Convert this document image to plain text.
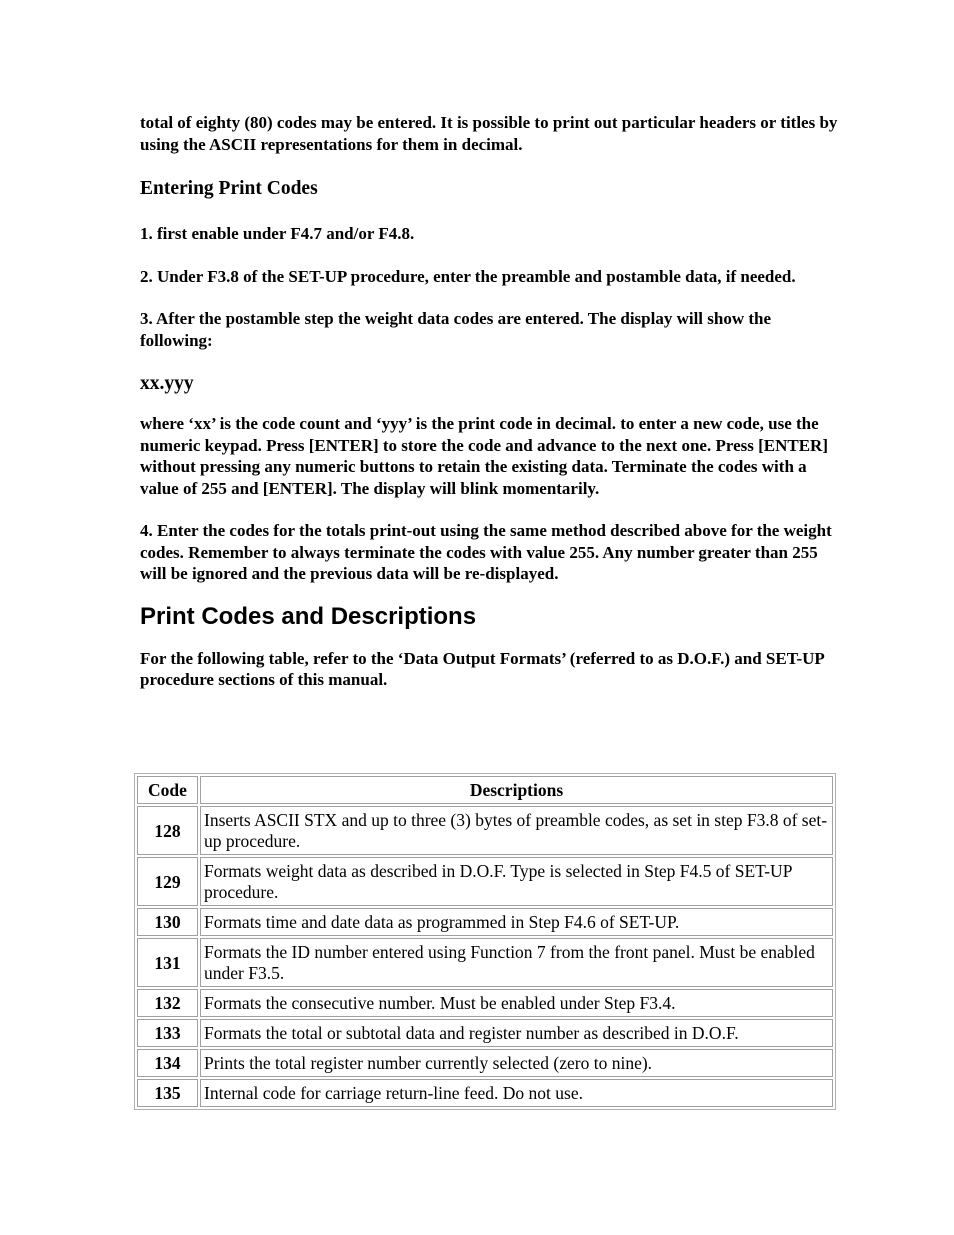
total of eighty (80) codes may be entered. It is possible to print out particular headers or titles by using the ASCII representations for them in decimal.

Entering Print Codes

1. first enable under F4.7 and/or F4.8.

2. Under F3.8 of the SET-UP procedure, enter the preamble and postamble data, if needed.

3. After the postamble step the weight data codes are entered. The display will show the following:

xx.yyy

where ‘xx’ is the code count and ‘yyy’ is the print code in decimal. to enter a new code, use the numeric keypad. Press [ENTER] to store the code and advance to the next one. Press [ENTER] without pressing any numeric buttons to retain the existing data. Terminate the codes with a value of 255 and [ENTER]. The display will blink momentarily.

4. Enter the codes for the totals print-out using the same method described above for the weight codes. Remember to always terminate the codes with value 255. Any number greater than 255 will be ignored and the previous data will be re-displayed.

Print Codes and Descriptions

For the following table, refer to the ‘Data Output Formats’ (referred to as D.O.F.) and SET-UP procedure sections of this manual.

Code	Descriptions
128	Inserts ASCII STX and up to three (3) bytes of preamble codes, as set in step F3.8 of set-up procedure.
129	Formats weight data as described in D.O.F. Type is selected in Step F4.5 of SET-UP procedure.
130	Formats time and date data as programmed in Step F4.6 of SET-UP.
131	Formats the ID number entered using Function 7 from the front panel. Must be enabled under F3.5.
132	Formats the consecutive number. Must be enabled under Step F3.4.
133	Formats the total or subtotal data and register number as described in D.O.F.
134	Prints the total register number currently selected (zero to nine).
135	Internal code for carriage return-line feed. Do not use.
